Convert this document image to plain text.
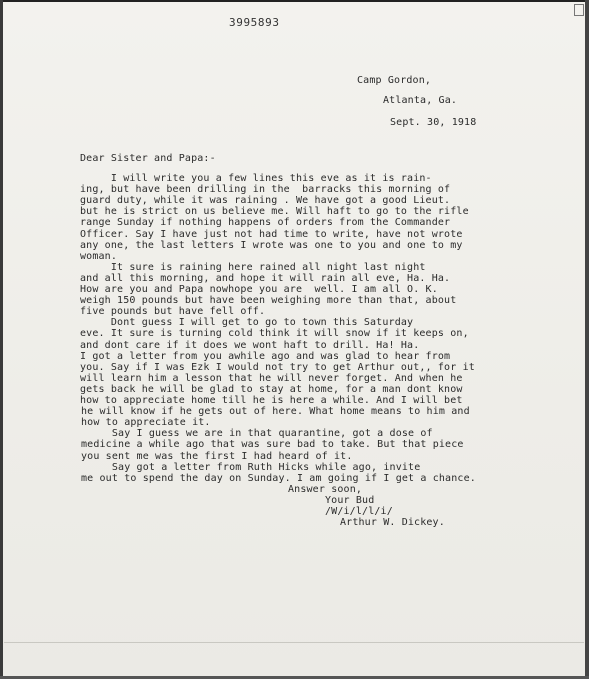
3995893
Camp Gordon,
Atlanta, Ga.
Sept. 30, 1918
Dear Sister and Papa:-
I will write you a few lines this eve as it is rain-
ing, but have been drilling in the  barracks this morning of
guard duty, while it was raining . We have got a good Lieut.
but he is strict on us believe me. Will haft to go to the rifle
range Sunday if nothing happens of orders from the Commander
Officer. Say I have just not had time to write, have not wrote
any one, the last letters I wrote was one to you and one to my
woman.
It sure is raining here rained all night last night
and all this morning, and hope it will rain all eve, Ha. Ha.
How are you and Papa nowhope you are  well. I am all O. K.
weigh 150 pounds but have been weighing more than that, about
five pounds but have fell off.
Dont guess I will get to go to town this Saturday
eve. It sure is turning cold think it will snow if it keeps on,
and dont care if it does we wont haft to drill. Ha! Ha.
I got a letter from you awhile ago and was glad to hear from
you. Say if I was Ezk I would not try to get Arthur out,, for it
will learn him a lesson that he will never forget. And when he
gets back he will be glad to stay at home, for a man dont know
how to appreciate home till he is here a while. And I will bet
he will know if he gets out of here. What home means to him and
how to appreciate it.
Say I guess we are in that quarantine, got a dose of
medicine a while ago that was sure bad to take. But that piece
you sent me was the first I had heard of it.
Say got a letter from Ruth Hicks while ago, invite
me out to spend the day on Sunday. I am going if I get a chance.
Answer soon,
Your Bud
/W/i/l/l/i/
Arthur W. Dickey.
